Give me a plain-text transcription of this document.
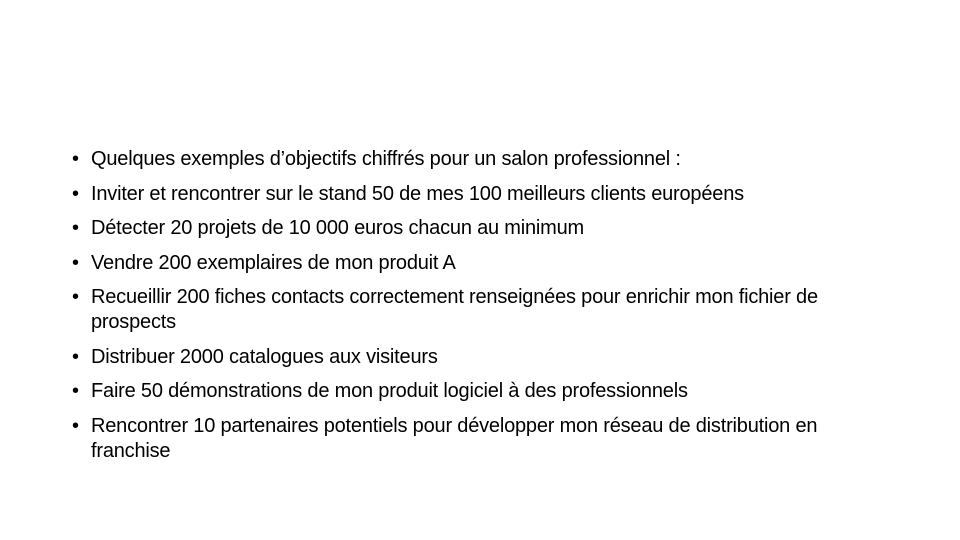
• Quelques exemples d’objectifs chiffrés pour un salon professionnel :
• Inviter et rencontrer sur le stand 50 de mes 100 meilleurs clients européens
• Détecter 20 projets de 10 000 euros chacun au minimum
• Vendre 200 exemplaires de mon produit A
• Recueillir 200 fiches contacts correctement renseignées pour enrichir mon fichier de prospects
• Distribuer 2000 catalogues aux visiteurs
• Faire 50 démonstrations de mon produit logiciel à des professionnels
• Rencontrer 10 partenaires potentiels pour développer mon réseau de distribution en franchise
